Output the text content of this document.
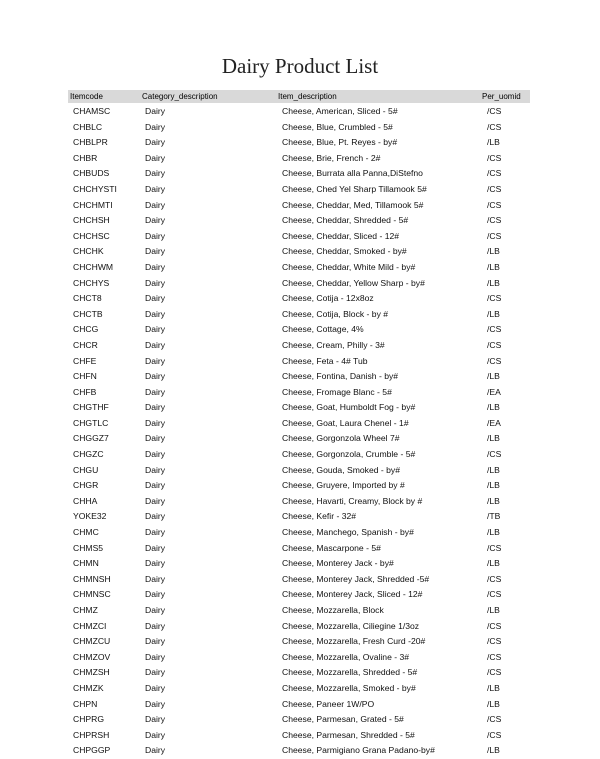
Dairy Product List
Itemcode	Category_description	Item_description	Per_uomid
CHAMSC	Dairy	Cheese, American, Sliced - 5#	/CS
CHBLC	Dairy	Cheese, Blue, Crumbled - 5#	/CS
CHBLPR	Dairy	Cheese, Blue, Pt. Reyes - by#	/LB
CHBR	Dairy	Cheese, Brie, French - 2#	/CS
CHBUDS	Dairy	Cheese, Burrata alla Panna,DiStefno	/CS
CHCHYSTI	Dairy	Cheese, Ched Yel Sharp Tillamook 5#	/CS
CHCHMTI	Dairy	Cheese, Cheddar, Med, Tillamook 5#	/CS
CHCHSH	Dairy	Cheese, Cheddar, Shredded - 5#	/CS
CHCHSC	Dairy	Cheese, Cheddar, Sliced - 12#	/CS
CHCHK	Dairy	Cheese, Cheddar, Smoked - by#	/LB
CHCHWM	Dairy	Cheese, Cheddar, White Mild - by#	/LB
CHCHYS	Dairy	Cheese, Cheddar, Yellow Sharp - by#	/LB
CHCT8	Dairy	Cheese, Cotija - 12x8oz	/CS
CHCTB	Dairy	Cheese, Cotija, Block - by #	/LB
CHCG	Dairy	Cheese, Cottage, 4%	/CS
CHCR	Dairy	Cheese, Cream, Philly - 3#	/CS
CHFE	Dairy	Cheese, Feta - 4# Tub	/CS
CHFN	Dairy	Cheese, Fontina, Danish - by#	/LB
CHFB	Dairy	Cheese, Fromage Blanc - 5#	/EA
CHGTHF	Dairy	Cheese, Goat, Humboldt Fog - by#	/LB
CHGTLC	Dairy	Cheese, Goat, Laura Chenel - 1#	/EA
CHGGZ7	Dairy	Cheese, Gorgonzola Wheel 7#	/LB
CHGZC	Dairy	Cheese, Gorgonzola, Crumble - 5#	/CS
CHGU	Dairy	Cheese, Gouda, Smoked - by#	/LB
CHGR	Dairy	Cheese, Gruyere, Imported by #	/LB
CHHA	Dairy	Cheese, Havarti, Creamy, Block by #	/LB
YOKE32	Dairy	Cheese, Kefir - 32#	/TB
CHMC	Dairy	Cheese, Manchego, Spanish - by#	/LB
CHMS5	Dairy	Cheese, Mascarpone - 5#	/CS
CHMN	Dairy	Cheese, Monterey Jack - by#	/LB
CHMNSH	Dairy	Cheese, Monterey Jack, Shredded -5#	/CS
CHMNSC	Dairy	Cheese, Monterey Jack, Sliced - 12#	/CS
CHMZ	Dairy	Cheese, Mozzarella, Block	/LB
CHMZCI	Dairy	Cheese, Mozzarella, Ciliegine 1/3oz	/CS
CHMZCU	Dairy	Cheese, Mozzarella, Fresh Curd -20#	/CS
CHMZOV	Dairy	Cheese, Mozzarella, Ovaline - 3#	/CS
CHMZSH	Dairy	Cheese, Mozzarella, Shredded - 5#	/CS
CHMZK	Dairy	Cheese, Mozzarella, Smoked - by#	/LB
CHPN	Dairy	Cheese, Paneer 1W/PO	/LB
CHPRG	Dairy	Cheese, Parmesan, Grated - 5#	/CS
CHPRSH	Dairy	Cheese, Parmesan, Shredded - 5#	/CS
CHPGGP	Dairy	Cheese, Parmigiano Grana Padano-by#	/LB
